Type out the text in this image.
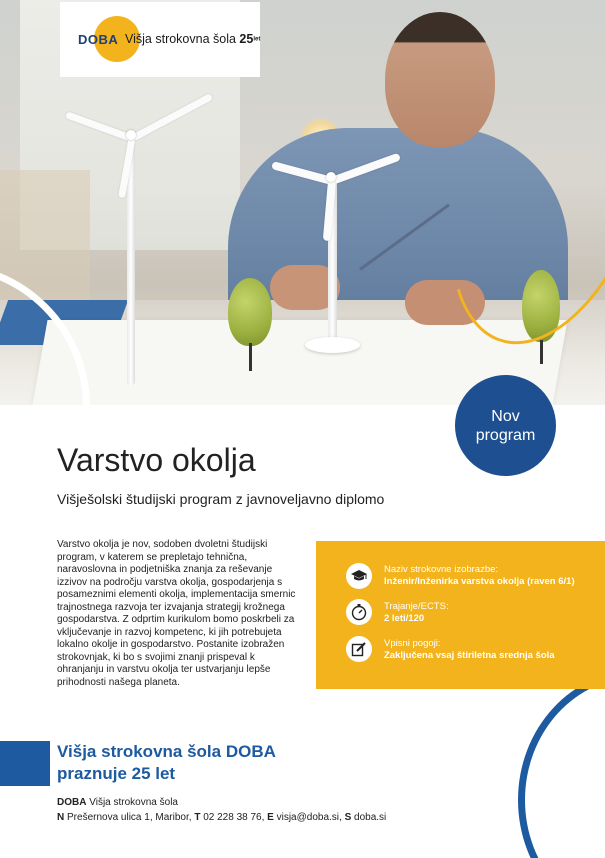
DOBA Višja strokovna šola 25let
Nov
program
Varstvo okolja

Višješolski študijski program z javnoveljavno diplomo

Varstvo okolja je nov, sodoben dvoletni študijski program, v katerem se prepletajo tehnična, naravoslovna in podjetniška znanja za reševanje izzivov na področju varstva okolja, gospodarjenja s posameznimi elementi okolja, implementacija smernic trajnostnega razvoja ter izvajanja strategij krožnega gospodarstva. Z odprtim kurikulom bomo poskrbeli za vključevanje in razvoj kompetenc, ki jih potrebujeta lokalno okolje in gospodarstvo. Postanite izobražen strokovnjak, ki bo s svojimi znanji prispeval k ohranjanju in varstvu okolja ter ustvarjanju lepše prihodnosti našega planeta.

Naziv strokovne izobrazbe:
Inženir/Inženirka varstva okolja (raven 6/1)
Trajanje/ECTS:
2 leti/120
Vpisni pogoji:
Zaključena vsaj štiriletna srednja šola
Višja strokovna šola DOBA
praznuje 25 let
DOBA Višja strokovna šola
N Prešernova ulica 1, Maribor, T 02 228 38 76, E visja@doba.si, S doba.si
